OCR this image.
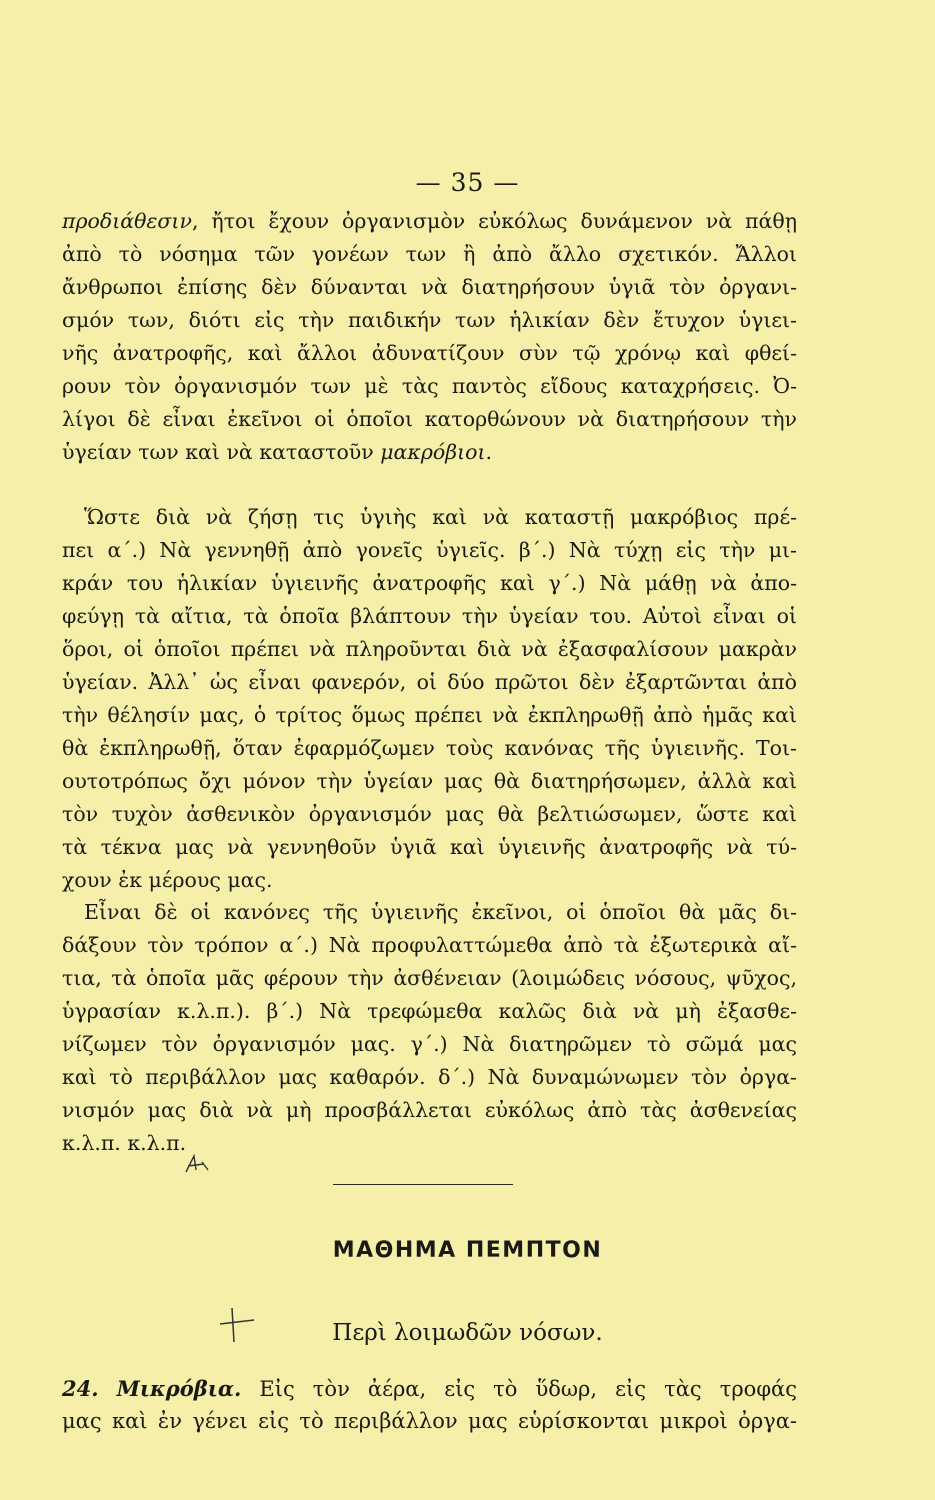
— 35 —
προδιάθεσιν, ἤτοι ἔχουν ὀργανισμὸν εὐκόλως δυνάμενον νὰ πάθῃ
ἀπὸ τὸ νόσημα τῶν γονέων των ἢ ἀπὸ ἄλλο σχετικόν. Ἄλλοι
ἄνθρωποι ἐπίσης δὲν δύνανται νὰ διατηρήσουν ὑγιᾶ τὸν ὀργανι-
σμόν των, διότι εἰς τὴν παιδικήν των ἡλικίαν δὲν ἔτυχον ὑγιει-
νῆς ἀνατροφῆς, καὶ ἄλλοι ἀδυνατίζουν σὺν τῷ χρόνῳ καὶ φθεί-
ρουν τὸν ὀργανισμόν των μὲ τὰς παντὸς εἴδους καταχρήσεις. Ὀ-
λίγοι δὲ εἶναι ἐκεῖνοι οἱ ὁποῖοι κατορθώνουν νὰ διατηρήσουν τὴν
ὑγείαν των καὶ νὰ καταστοῦν μακρόβιοι.
Ὥστε διὰ νὰ ζήσῃ τις ὑγιὴς καὶ νὰ καταστῇ μακρόβιος πρέ-
πει α΄.) Νὰ γεννηθῇ ἀπὸ γονεῖς ὑγιεῖς. β΄.) Νὰ τύχῃ εἰς τὴν μι-
κράν του ἡλικίαν ὑγιεινῆς ἀνατροφῆς καὶ γ΄.) Νὰ μάθῃ νὰ ἀπο-
φεύγῃ τὰ αἴτια, τὰ ὁποῖα βλάπτουν τὴν ὑγείαν του. Αὐτοὶ εἶναι οἱ
ὅροι, οἱ ὁποῖοι πρέπει νὰ πληροῦνται διὰ νὰ ἐξασφαλίσουν μακρὰν
ὑγείαν. Ἀλλ᾽ ὡς εἶναι φανερόν, οἱ δύο πρῶτοι δὲν ἐξαρτῶνται ἀπὸ
τὴν θέλησίν μας, ὁ τρίτος ὅμως πρέπει νὰ ἐκπληρωθῇ ἀπὸ ἡμᾶς καὶ
θὰ ἐκπληρωθῇ, ὅταν ἐφαρμόζωμεν τοὺς κανόνας τῆς ὑγιεινῆς. Τοι-
ουτοτρόπως ὄχι μόνον τὴν ὑγείαν μας θὰ διατηρήσωμεν, ἀλλὰ καὶ
τὸν τυχὸν ἀσθενικὸν ὀργανισμόν μας θὰ βελτιώσωμεν, ὥστε καὶ
τὰ τέκνα μας νὰ γεννηθοῦν ὑγιᾶ καὶ ὑγιεινῆς ἀνατροφῆς νὰ τύ-
χουν ἐκ μέρους μας.
Εἶναι δὲ οἱ κανόνες τῆς ὑγιεινῆς ἐκεῖνοι, οἱ ὁποῖοι θὰ μᾶς δι-
δάξουν τὸν τρόπον α΄.) Νὰ προφυλαττώμεθα ἀπὸ τὰ ἐξωτερικὰ αἴ-
τια, τὰ ὁποῖα μᾶς φέρουν τὴν ἀσθένειαν (λοιμώδεις νόσους, ψῦχος,
ὑγρασίαν κ.λ.π.). β΄.) Νὰ τρεφώμεθα καλῶς διὰ νὰ μὴ ἐξασθε-
νίζωμεν τὸν ὀργανισμόν μας. γ΄.) Νὰ διατηρῶμεν τὸ σῶμά μας
καὶ τὸ περιβάλλον μας καθαρόν. δ΄.) Νὰ δυναμώνωμεν τὸν ὀργα-
νισμόν μας διὰ νὰ μὴ προσβάλλεται εὐκόλως ἀπὸ τὰς ἀσθενείας
κ.λ.π. κ.λ.π.
ΜΑΘΗΜΑ ΠΕΜΠΤΟΝ
Περὶ λοιμωδῶν νόσων.
24. Μικρόβια. Εἰς τὸν ἀέρα, εἰς τὸ ὕδωρ, εἰς τὰς τροφάς
μας καὶ ἐν γένει εἰς τὸ περιβάλλον μας εὑρίσκονται μικροὶ ὀργα-
